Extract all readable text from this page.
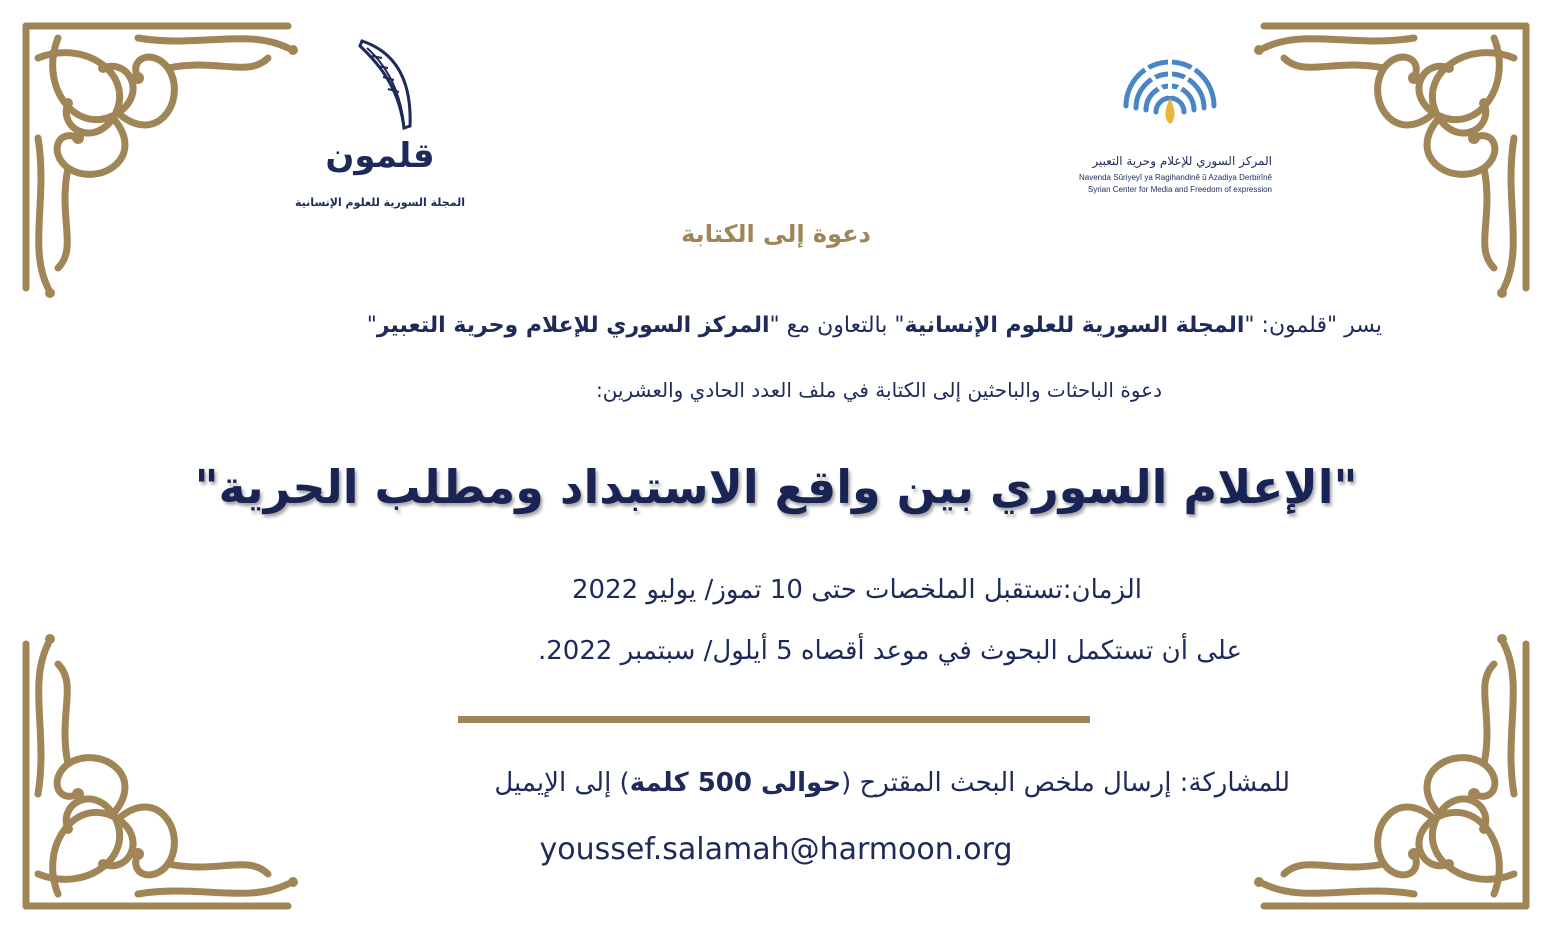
قلمون
المجلة السورية للعلوم الإنسانية
المركز السوري للإعلام وحرية التعبير
Navenda Sûriyeyî ya Ragihandinê û Azadiya Derbirînê
Syrian Center for Media and Freedom of expression
دعوة إلى الكتابة
يسر "قلمون: "المجلة السورية للعلوم الإنسانية" بالتعاون مع "المركز السوري للإعلام وحرية التعبير"
دعوة الباحثات والباحثين إلى الكتابة في ملف العدد الحادي والعشرين:
"الإعلام السوري بين واقع الاستبداد ومطلب الحرية"
الزمان:تستقبل الملخصات حتى 10 تموز/ يوليو 2022
على أن تستكمل البحوث في موعد أقصاه 5 أيلول/ سبتمبر 2022.
للمشاركة: إرسال ملخص البحث المقترح (حوالى 500 كلمة) إلى الإيميل
youssef.salamah@harmoon.org
